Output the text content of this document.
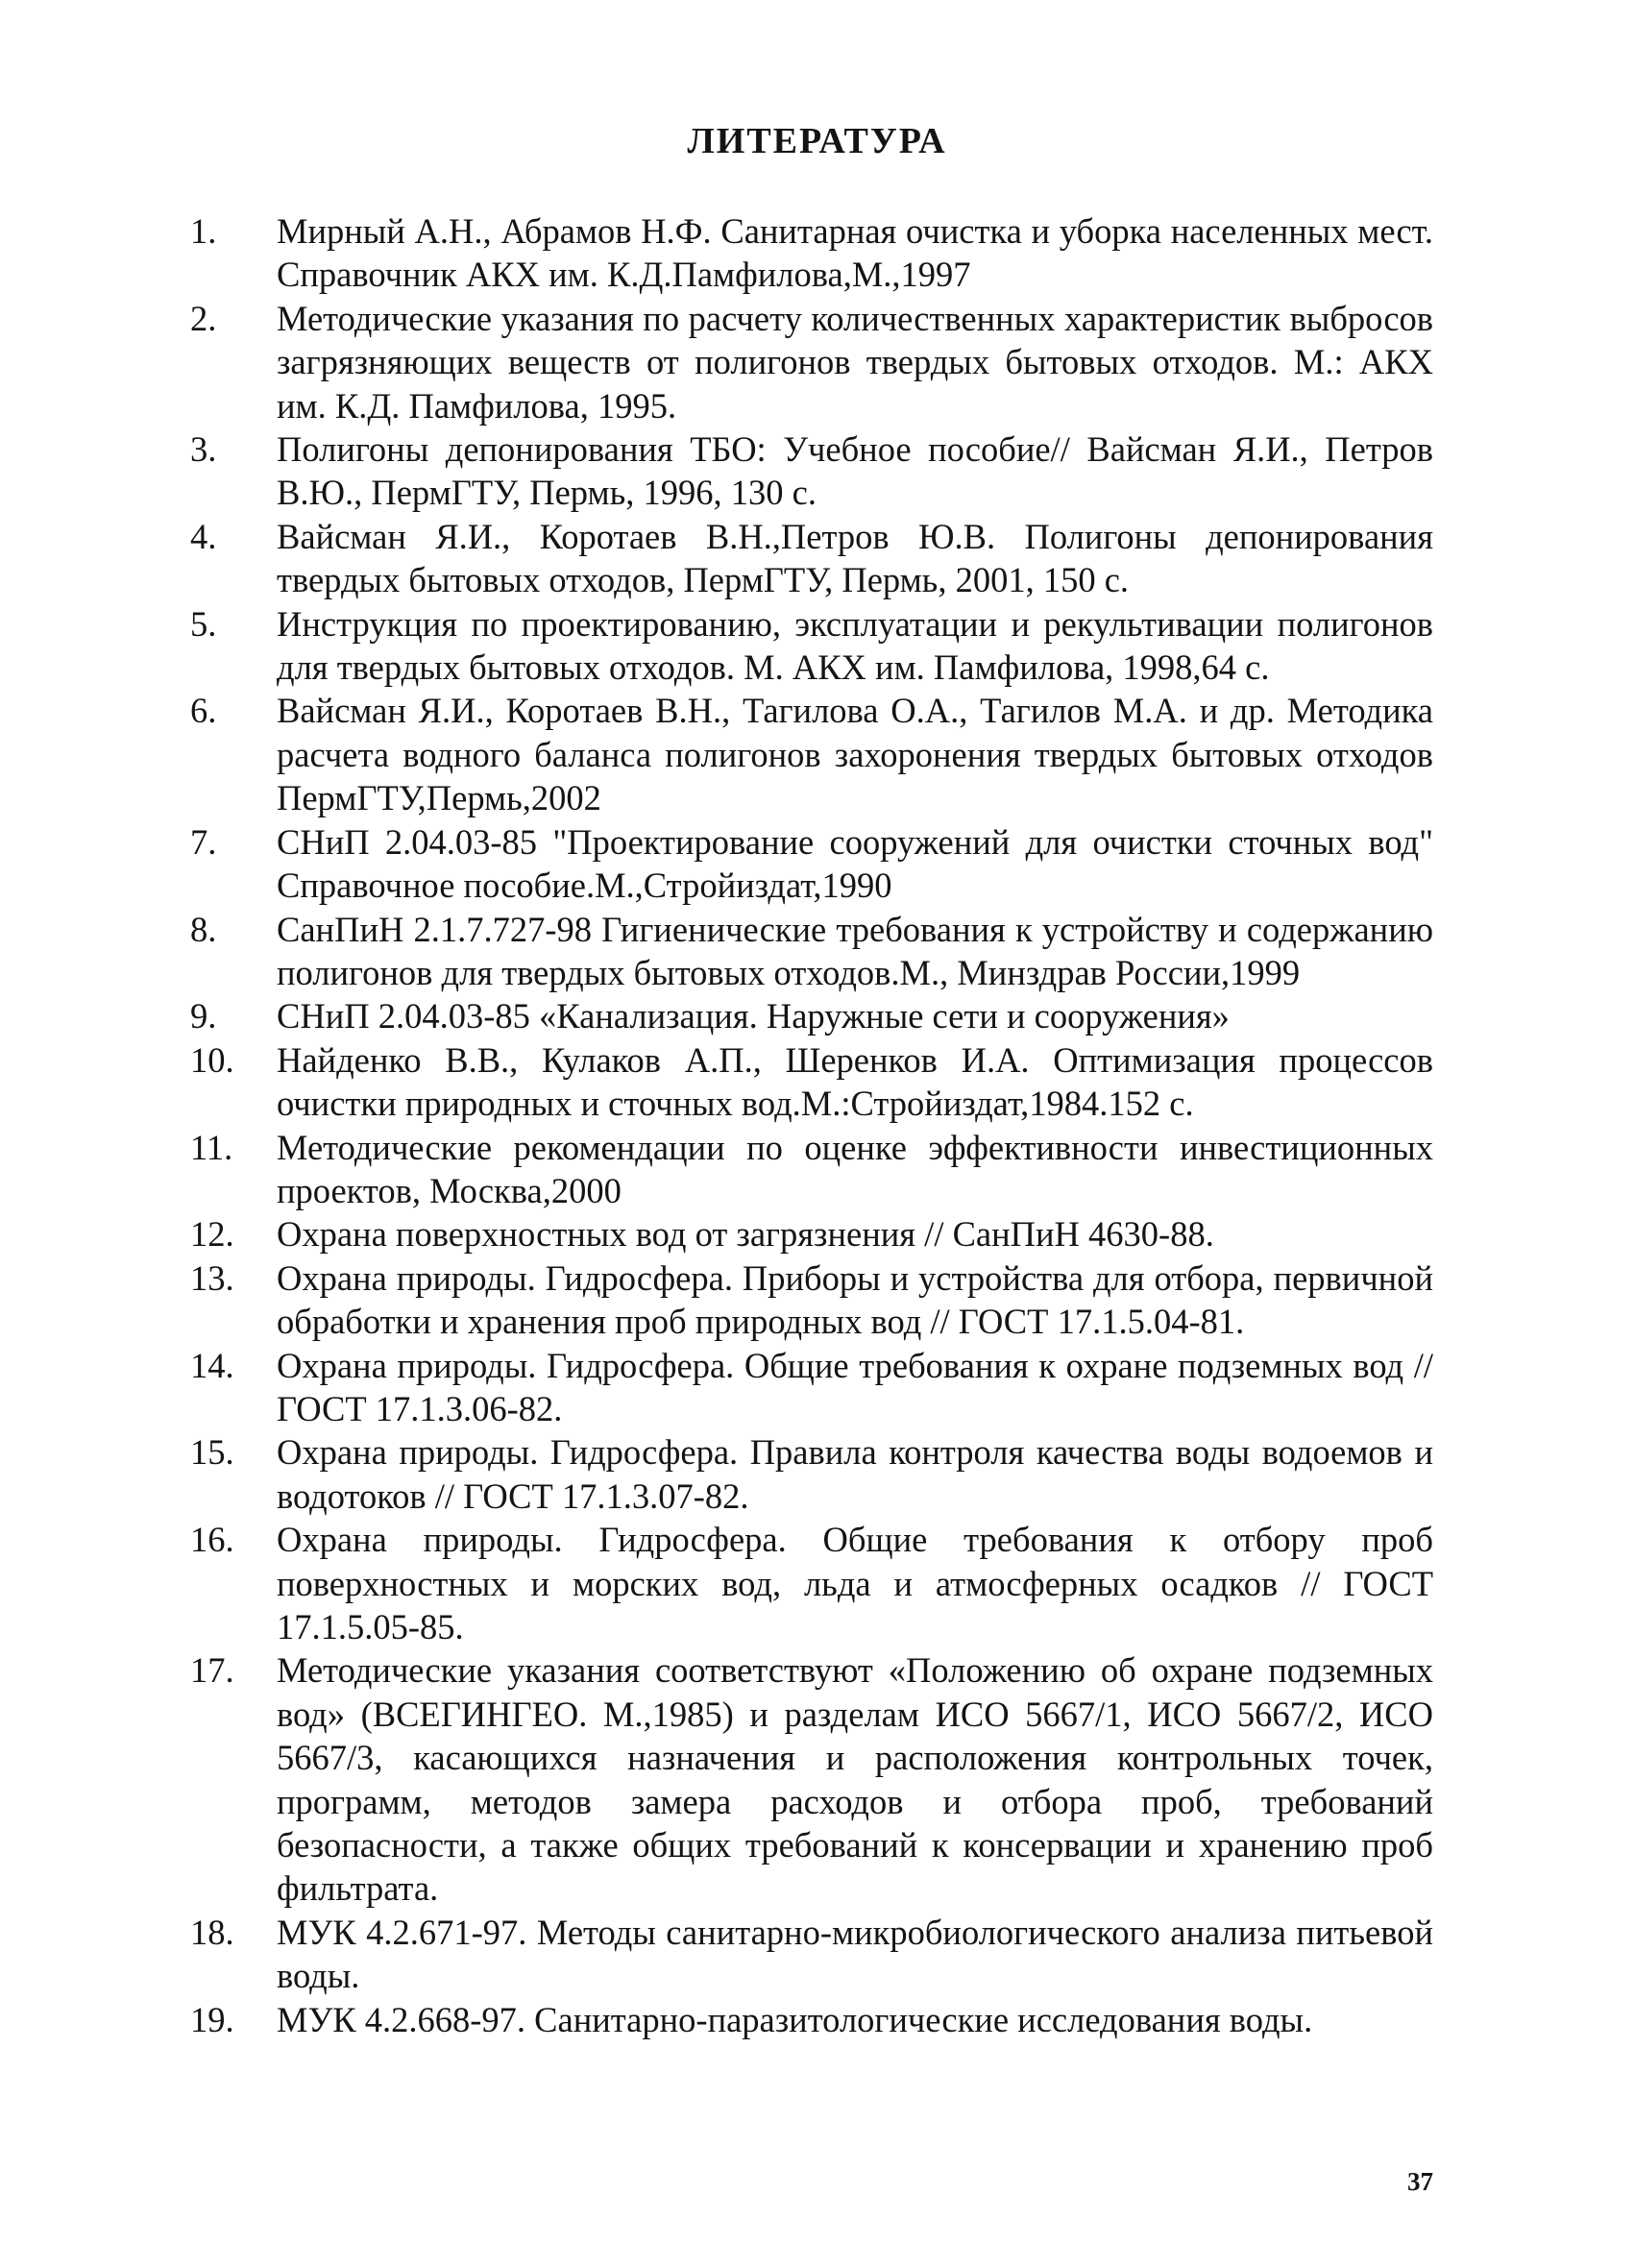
ЛИТЕРАТУРА
1.	Мирный А.Н., Абрамов Н.Ф. Санитарная очистка и уборка населенных мест. Справочник АКХ им. К.Д.Памфилова,М.,1997
2.	Методические указания по расчету количественных характеристик выбросов загрязняющих веществ от полигонов твердых бытовых отходов. М.: АКХ им. К.Д. Памфилова, 1995.
3.	Полигоны депонирования ТБО: Учебное пособие// Вайсман Я.И., Петров В.Ю., ПермГТУ, Пермь, 1996, 130 с.
4.	Вайсман Я.И., Коротаев В.Н.,Петров Ю.В. Полигоны депонирования твердых бытовых отходов, ПермГТУ, Пермь, 2001, 150 с.
5.	Инструкция по проектированию, эксплуатации и рекультивации полигонов для твердых бытовых отходов. М. АКХ им. Памфилова, 1998,64 с.
6.	Вайсман Я.И., Коротаев В.Н., Тагилова О.А., Тагилов М.А. и др. Методика расчета водного баланса полигонов захоронения твердых бытовых отходов ПермГТУ,Пермь,2002
7.	СНиП 2.04.03-85 "Проектирование сооружений для очистки сточных вод" Справочное пособие.М.,Стройиздат,1990
8.	СанПиН 2.1.7.727-98 Гигиенические требования к устройству и содержанию полигонов для твердых бытовых отходов.М., Минздрав России,1999
9.	СНиП 2.04.03-85 «Канализация. Наружные сети и сооружения»
10.	Найденко В.В., Кулаков А.П., Шеренков И.А. Оптимизация процессов очистки природных и сточных вод.М.:Стройиздат,1984.152 с.
11.	Методические рекомендации по оценке эффективности инвестиционных проектов, Москва,2000
12.	Охрана поверхностных вод от загрязнения // СанПиН 4630-88.
13.	Охрана природы. Гидросфера. Приборы и устройства для отбора, первичной обработки и хранения проб природных вод // ГОСТ 17.1.5.04-81.
14.	Охрана природы. Гидросфера. Общие требования к охране подземных вод // ГОСТ 17.1.3.06-82.
15.	Охрана природы. Гидросфера. Правила контроля качества воды водоемов и водотоков // ГОСТ 17.1.3.07-82.
16.	Охрана природы. Гидросфера. Общие требования к отбору проб поверхностных и морских вод, льда и атмосферных осадков // ГОСТ 17.1.5.05-85.
17.	Методические указания соответствуют «Положению об охране подземных вод» (ВСЕГИНГЕО. М.,1985) и разделам ИСО 5667/1, ИСО 5667/2, ИСО 5667/3, касающихся назначения и расположения контрольных точек, программ, методов замера расходов и отбора проб, требований безопасности, а также общих требований к консервации и хранению проб фильтрата.
18.	МУК 4.2.671-97. Методы санитарно-микробиологического анализа питьевой воды.
19.	МУК 4.2.668-97. Санитарно-паразитологические исследования воды.
37
